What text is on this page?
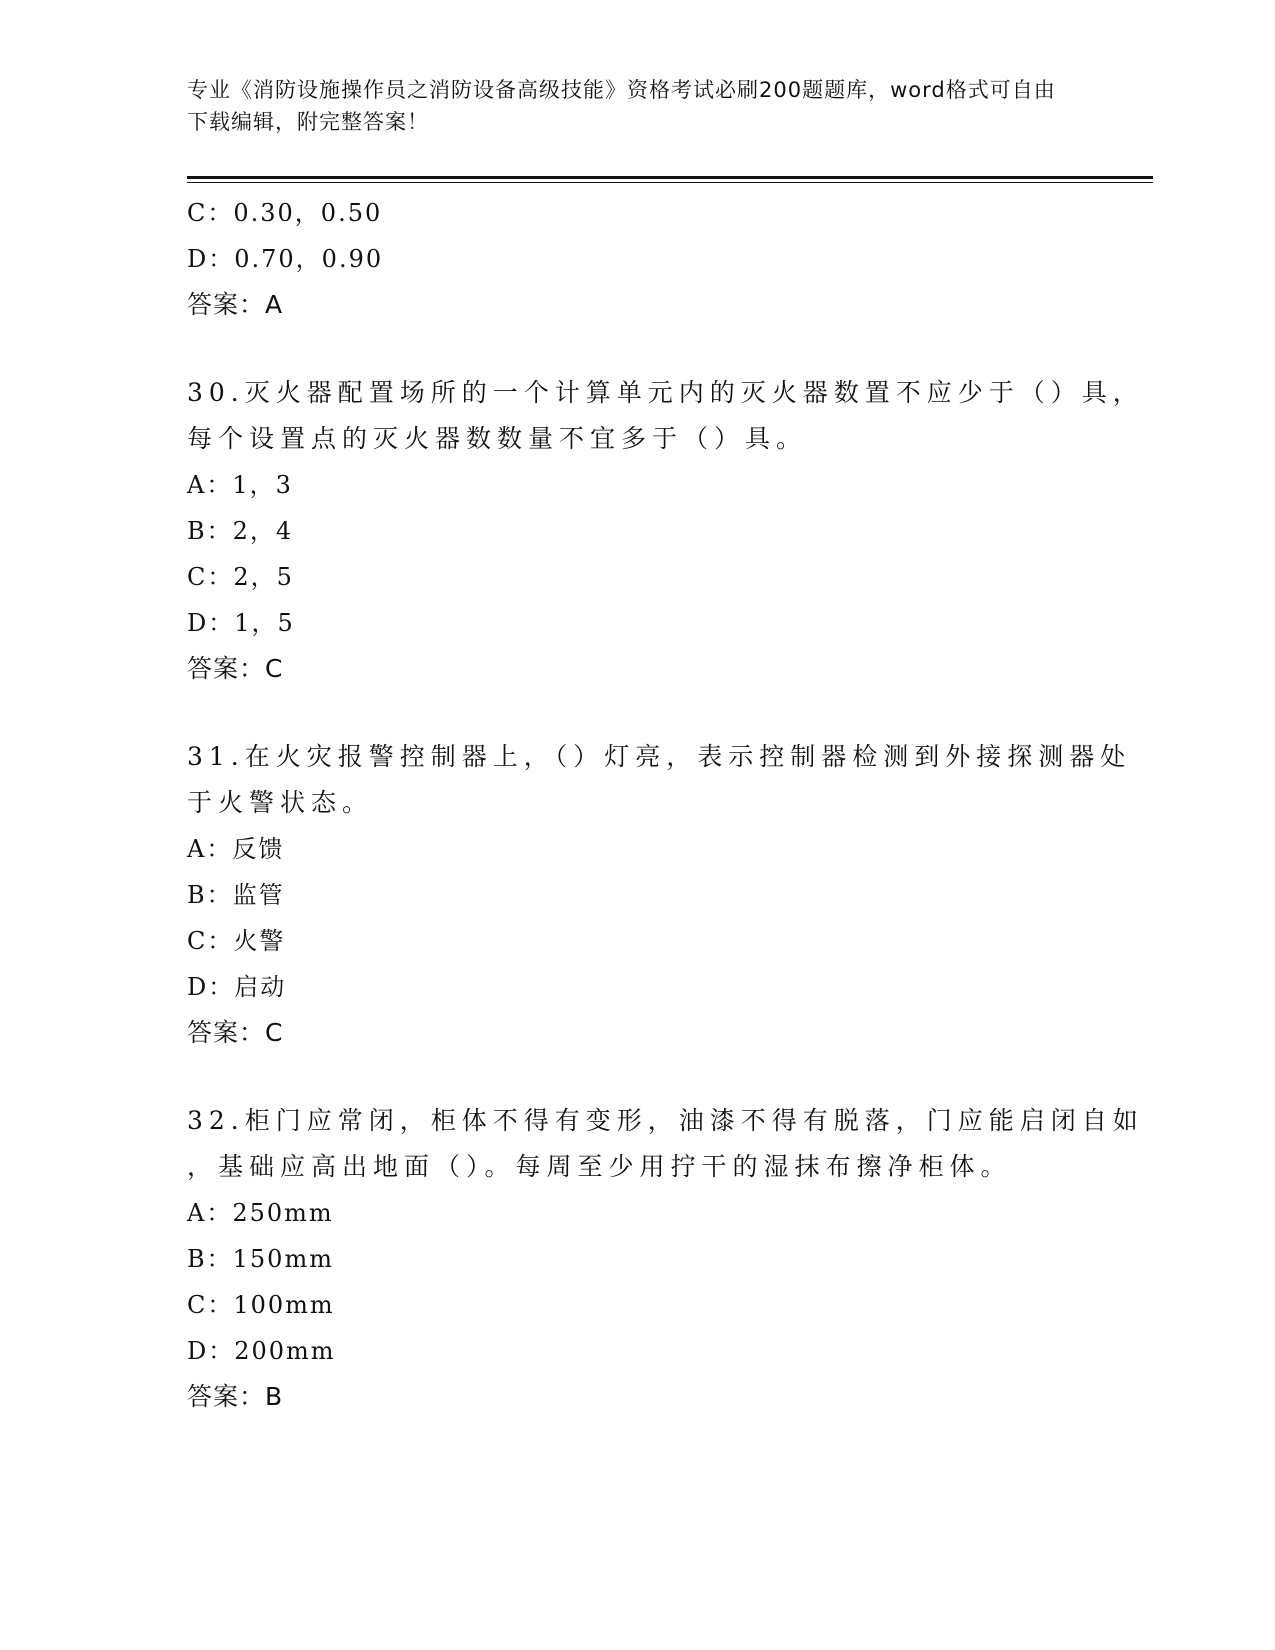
专业《消防设施操作员之消防设备高级技能》资格考试必刷200题题库，word格式可自由下载编辑，附完整答案！
C：0.30，0.50
D：0.70，0.90
答案：A
30.灭火器配置场所的一个计算单元内的灭火器数置不应少于（）具，
每个设置点的灭火器数数量不宜多于（）具。
A：1，3
B：2，4
C：2，5
D：1，5
答案：C
31.在火灾报警控制器上，（）灯亮，表示控制器检测到外接探测器处
于火警状态。
A：反馈
B：监管
C：火警
D：启动
答案：C
32.柜门应常闭，柜体不得有变形，油漆不得有脱落，门应能启闭自如
，基础应高出地面（）。每周至少用拧干的湿抹布擦净柜体。
A：250mm
B：150mm
C：100mm
D：200mm
答案：B
